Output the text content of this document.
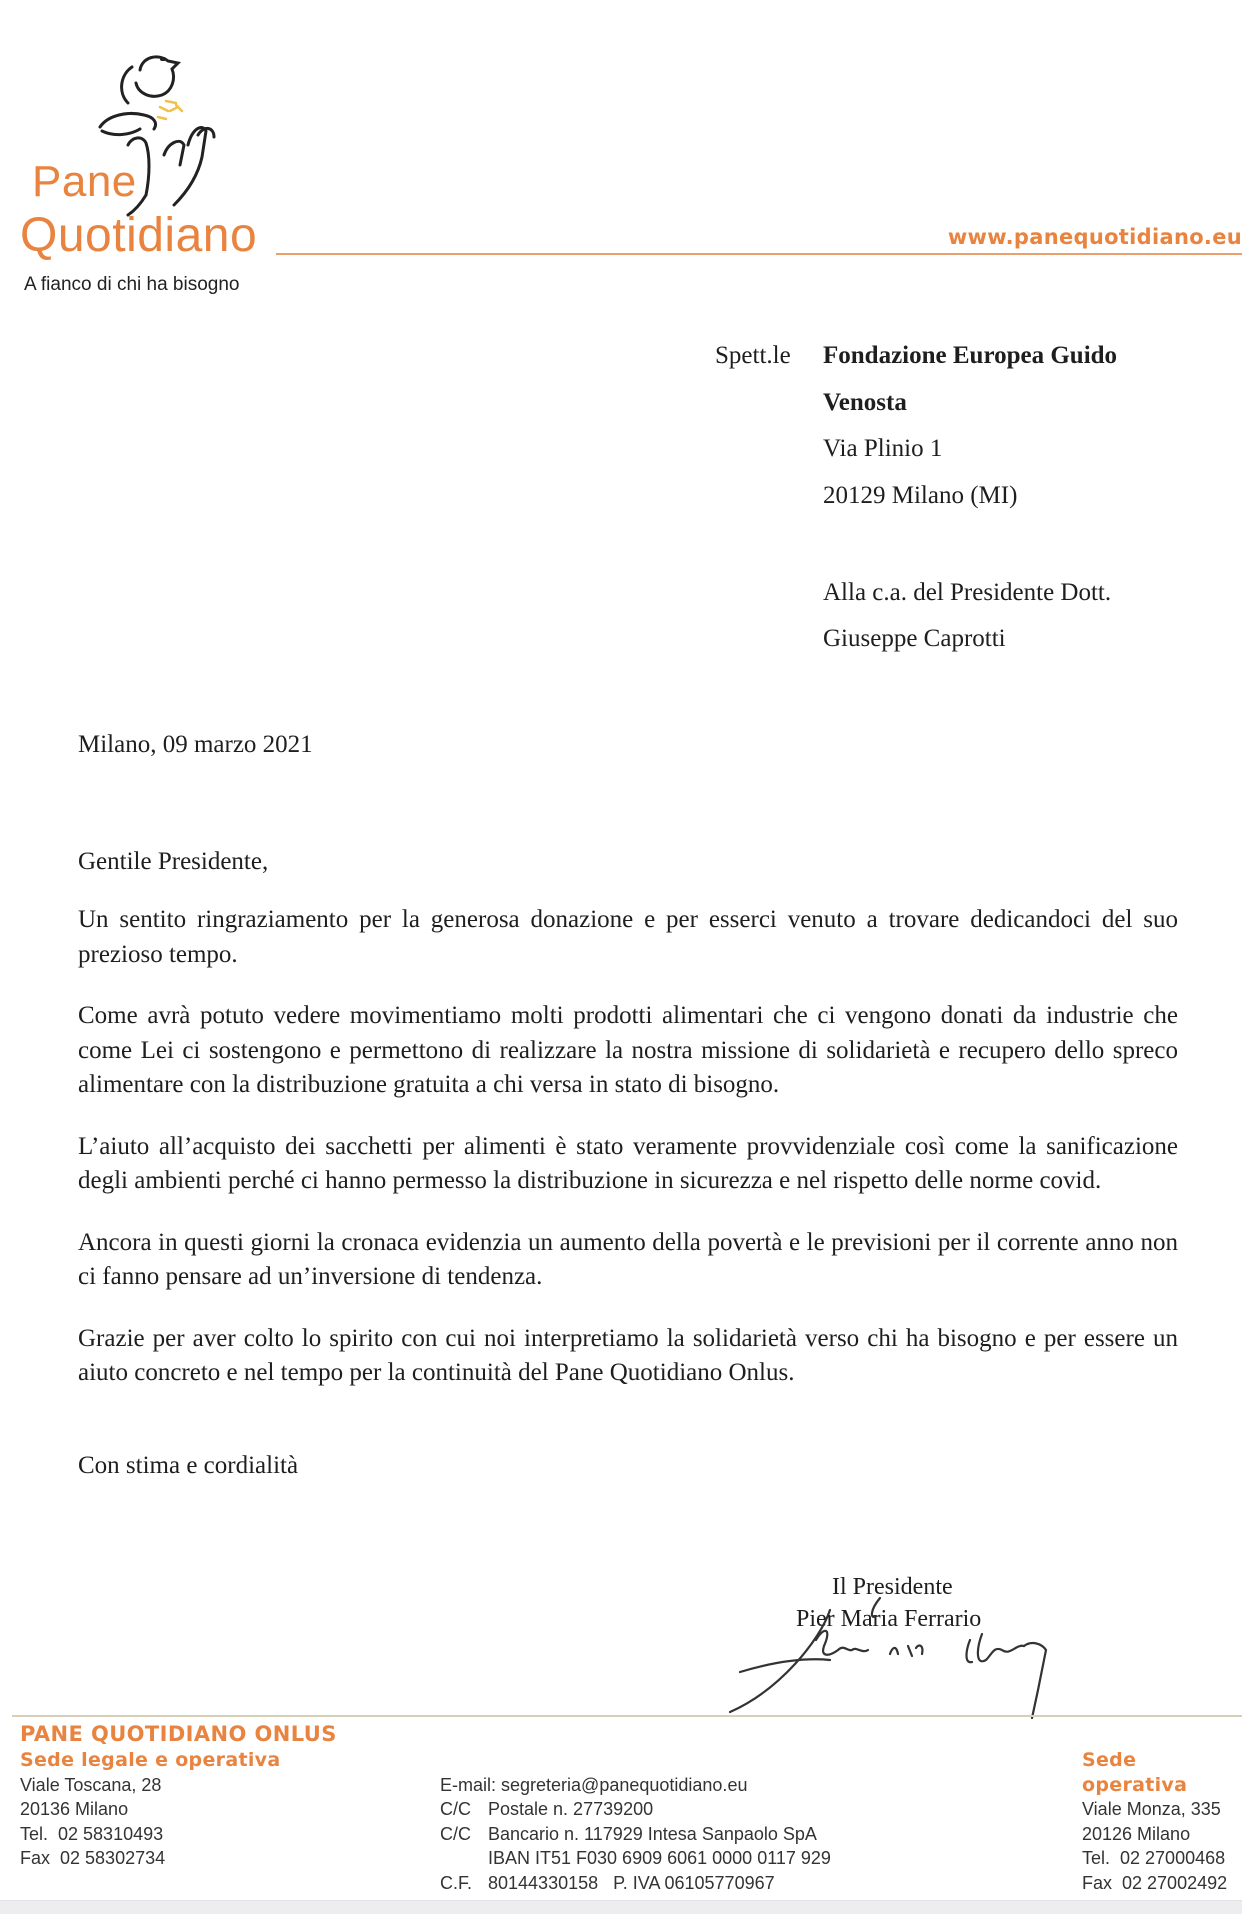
Pane
Quotidiano
A fianco di chi ha bisogno
www.panequotidiano.eu
Spett.le Fondazione Europea Guido
Venosta
Via Plinio 1
20129 Milano (MI)
Alla c.a. del Presidente Dott.
Giuseppe Caprotti
Milano, 09 marzo 2021
Gentile Presidente,

Un sentito ringraziamento per la generosa donazione e per esserci venuto a trovare dedicandoci del suo prezioso tempo.

Come avrà potuto vedere movimentiamo molti prodotti alimentari che ci vengono donati da industrie che come Lei ci sostengono e permettono di realizzare la nostra missione di solidarietà e recupero dello spreco alimentare con la distribuzione gratuita a chi versa in stato di bisogno.

L’aiuto all’acquisto dei sacchetti per alimenti è stato veramente provvidenziale così come la sanificazione degli ambienti perché ci hanno permesso la distribuzione in sicurezza e nel rispetto delle norme covid.

Ancora in questi giorni la cronaca evidenzia un aumento della povertà e le previsioni per il corrente anno non ci fanno pensare ad un’inversione di tendenza.

Grazie per aver colto lo spirito con cui noi interpretiamo la solidarietà verso chi ha bisogno e per essere un aiuto concreto e nel tempo per la continuità del Pane Quotidiano Onlus.

Con stima e cordialità
Il Presidente
Pier Maria Ferrario
PANE QUOTIDIANO ONLUS
Sede legale e operativa
Viale Toscana, 28
20136 Milano
Tel.  02 58310493
Fax  02 58302734
E-mail: segreteria@panequotidiano.eu
C/C Postale n. 27739200
C/C Bancario n. 117929 Intesa Sanpaolo SpA
IBAN IT51 F030 6909 6061 0000 0117 929
C.F. 80144330158   P. IVA 06105770967
Sede operativa
Viale Monza, 335
20126 Milano
Tel.  02 27000468
Fax  02 27002492
